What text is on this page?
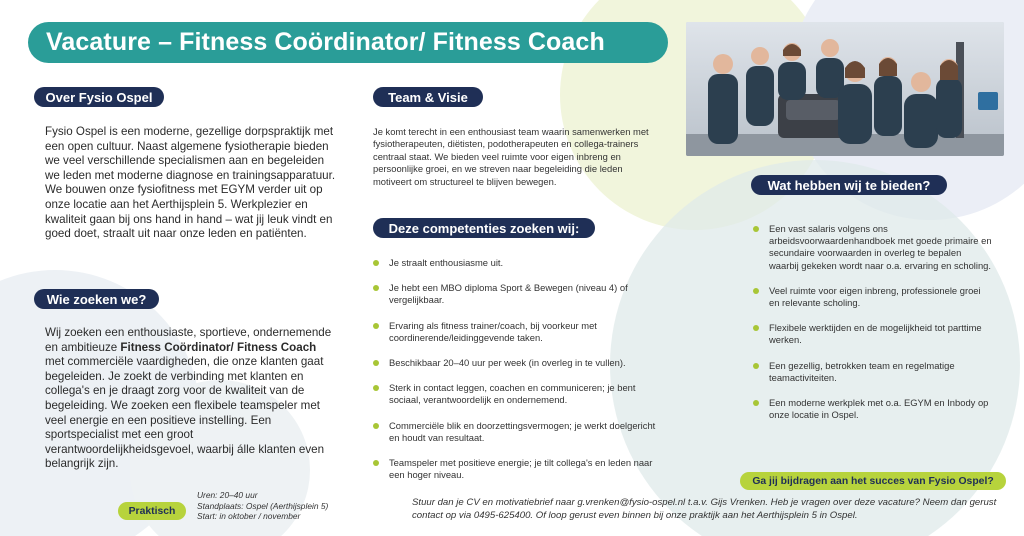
Vacature – Fitness Coördinator/ Fitness Coach
Over Fysio Ospel
Fysio Ospel is een moderne, gezellige dorpspraktijk met een open cultuur. Naast algemene fysiotherapie bieden we veel verschillende specialismen aan en begeleiden we leden met moderne diagnose en trainingsapparatuur. We bouwen onze fysiofitness met EGYM verder uit op onze locatie aan het Aerthijsplein 5. Werkplezier en kwaliteit gaan bij ons hand in hand – wat jij leuk vindt en goed doet, straalt uit naar onze leden en patiënten.
Wie zoeken we?
Wij zoeken een enthousiaste, sportieve, ondernemende en ambitieuze Fitness Coördinator/ Fitness Coach met commerciële vaardigheden, die onze klanten gaat begeleiden. Je zoekt de verbinding met klanten en collega's en je draagt zorg voor de kwaliteit van de begeleiding. We zoeken een flexibele teamspeler met veel energie en een positieve instelling. Een sportspecialist met een groot verantwoordelijkheidsgevoel, waarbij álle klanten even belangrijk zijn.
Praktisch
Uren: 20–40 uur
Standplaats: Ospel (Aerthijsplein 5)
Start: in oktober / november
Team & Visie
Je komt terecht in een enthousiast team waarin samenwerken met fysiotherapeuten, diëtisten, podotherapeuten en collega-trainers centraal staat. We bieden veel ruimte voor eigen inbreng en persoonlijke groei, en we streven naar begeleiding die leden motiveert om structureel te blijven bewegen.
Deze competenties zoeken wij:
Je straalt enthousiasme uit.
Je hebt een MBO diploma Sport & Bewegen (niveau 4) of vergelijkbaar.
Ervaring als fitness trainer/coach, bij voorkeur met coordinerende/leidinggevende taken.
Beschikbaar 20–40 uur per week (in overleg in te vullen).
Sterk in contact leggen, coachen en communiceren; je bent sociaal, verantwoordelijk en ondernemend.
Commerciële blik en doorzettingsvermogen; je werkt doelgericht en houdt van resultaat.
Teamspeler met positieve energie; je tilt collega's en leden naar een hoger niveau.
Wat hebben wij te bieden?
Een vast salaris volgens ons arbeidsvoorwaardenhandboek met goede primaire en secundaire voorwaarden in overleg te bepalen waarbij gekeken wordt naar o.a. ervaring en scholing.
Veel ruimte voor eigen inbreng, professionele groei en relevante scholing.
Flexibele werktijden en de mogelijkheid tot parttime werken.
Een gezellig, betrokken team en regelmatige teamactiviteiten.
Een moderne werkplek met o.a. EGYM en Inbody op onze locatie in Ospel.
Ga jij bijdragen aan het succes van Fysio Ospel?
Stuur dan je CV en motivatiebrief naar g.vrenken@fysio-ospel.nl t.a.v. Gijs Vrenken. Heb je vragen over deze vacature? Neem dan gerust contact op via 0495-625400. Of loop gerust even binnen bij onze praktijk aan het Aerthijsplein 5 in Ospel.
